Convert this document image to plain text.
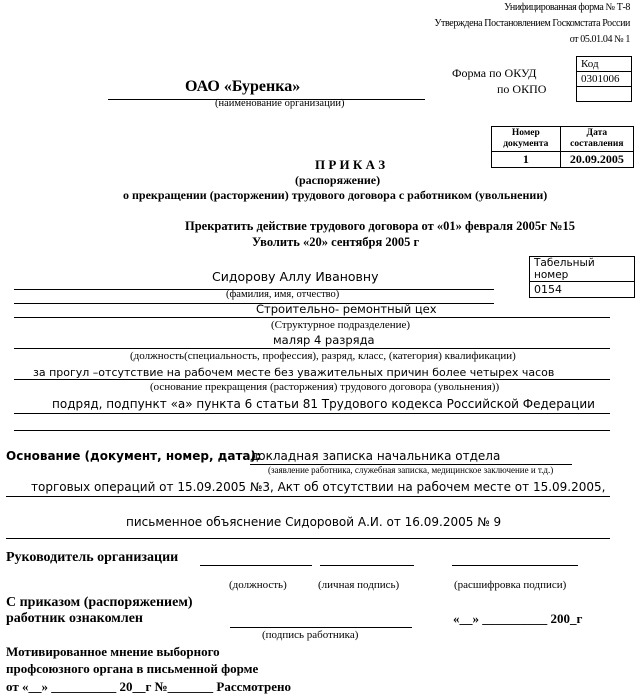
Унифицированная форма № Т-8
Утверждена Постановлением Госкомстата России
от 05.01.04 № 1
ОАО «Буренка»
(наименование организации)
Форма по ОКУД
по ОКПО
Код
0301006

Номер документа	Дата составления
1	20.09.2005
П Р И К А З
(распоряжение)
о прекращении (расторжении) трудового договора с работником (увольнении)
Прекратить действие трудового договора от «01» февраля 2005г №15
Уволить «20» сентября 2005 г
Табельный номер
0154
Сидорову Аллу Ивановну
(фамилия, имя, отчество)
Строительно- ремонтный цех
(Структурное подразделение)
маляр 4 разряда
(должность(специальность, профессия), разряд, класс, (категория) квалификации)
за прогул –отсутствие на рабочем месте без уважительных причин более четырех часов
(основание прекращения (расторжения) трудового договора (увольнения))
подряд, подпункт «а» пункта 6 статьи 81 Трудового кодекса Российской Федерации
Основание (документ, номер, дата):
докладная записка начальника отдела
(заявление работника, служебная записка, медицинское заключение и т.д.)
торговых операций от 15.09.2005 №3, Акт об отсутствии на рабочем месте от 15.09.2005,
письменное объяснение Сидоровой А.И. от 16.09.2005 № 9
Руководитель организации
(должность)	(личная подпись)	(расшифровка подписи)
С приказом (распоряжением)
работник ознакомлен
(подпись работника)
«__» __________ 200_г
Мотивированное мнение выборного
профсоюзного органа в письменной форме
от «__» __________ 20__г №_______ Рассмотрено
